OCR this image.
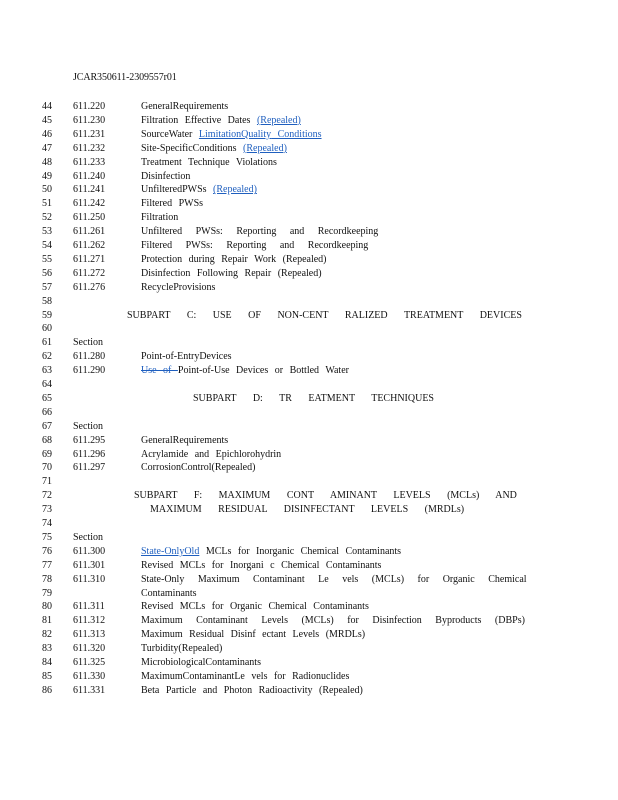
JCAR350611-2309557r01
44	611.220	GeneralRequirements
45	611.230	Filtration Effective Dates (Repealed)
46	611.231	SourceWater LimitationQuality Conditions
47	611.232	Site-SpecificConditions (Repealed)
48	611.233	Treatment Technique Violations
49	611.240	Disinfection
50	611.241	UnfilteredPWSs (Repealed)
51	611.242	Filtered PWSs
52	611.250	Filtration
53	611.261	Unfiltered PWSs: Reporting and Recordkeeping
54	611.262	Filtered PWSs: Reporting and Recordkeeping
55	611.271	Protection during Repair Work (Repealed)
56	611.272	Disinfection Following Repair (Repealed)
57	611.276	RecycleProvisions
58
59	SUBPART C: USE OF NON-CENT RALIZED TREATMENT DEVICES
60
61	Section
62	611.280	Point-of-EntryDevices
63	611.290	Use of Point-of-Use Devices or Bottled Water
64
65	SUBPART D: TR EATMENT TECHNIQUES
66
67	Section
68	611.295	GeneralRequirements
69	611.296	Acrylamide and Epichlorohydrin
70	611.297	CorrosionControl(Repealed)
71
72	SUBPART F: MAXIMUM CONT AMINANT LEVELS (MCLs) AND
73	MAXIMUM RESIDUAL DISINFECTANT LEVELS (MRDLs)
74
75	Section
76	611.300	State-OnlyOld MCLs for Inorganic Chemical Contaminants
77	611.301	Revised MCLs for Inorgani c Chemical Contaminants
78	611.310	State-Only Maximum Contaminant Le vels (MCLs) for Organic Chemical
79	Contaminants
80	611.311	Revised MCLs for Organic Chemical Contaminants
81	611.312	Maximum Contaminant Levels (MCLs) for Disinfection Byproducts (DBPs)
82	611.313	Maximum Residual Disinf ectant Levels (MRDLs)
83	611.320	Turbidity(Repealed)
84	611.325	MicrobiologicalContaminants
85	611.330	MaximumContaminantLe vels for Radionuclides
86	611.331	Beta Particle and Photon Radioactivity (Repealed)
